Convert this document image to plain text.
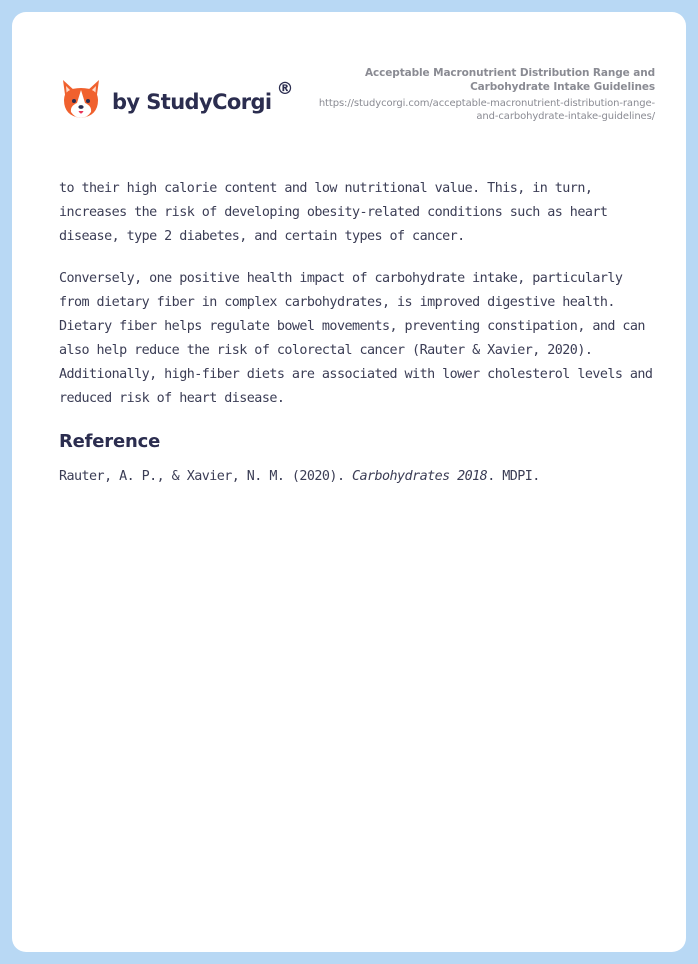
by StudyCorgi
®
Acceptable Macronutrient Distribution Range and Carbohydrate Intake Guidelines
https://studycorgi.com/acceptable-macronutrient-distribution-range-and-carbohydrate-intake-guidelines/

to their high calorie content and low nutritional value. This, in turn, increases the risk of developing obesity-related conditions such as heart disease, type 2 diabetes, and certain types of cancer.

Conversely, one positive health impact of carbohydrate intake, particularly from dietary fiber in complex carbohydrates, is improved digestive health. Dietary fiber helps regulate bowel movements, preventing constipation, and can also help reduce the risk of colorectal cancer (Rauter & Xavier, 2020). Additionally, high-fiber diets are associated with lower cholesterol levels and reduced risk of heart disease.

Reference

Rauter, A. P., & Xavier, N. M. (2020). Carbohydrates 2018. MDPI.
